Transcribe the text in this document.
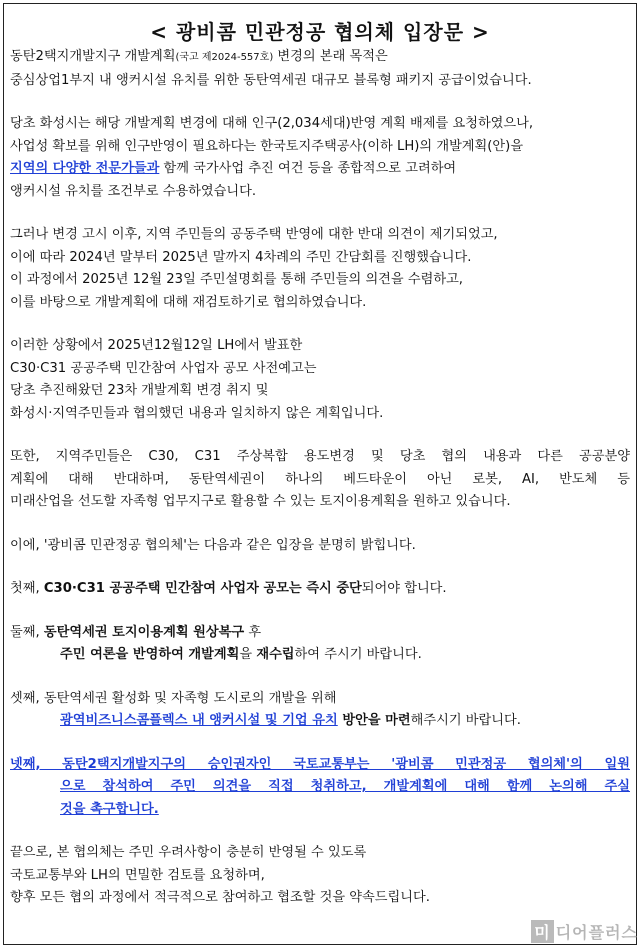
< 광비콤 민관정공 협의체 입장문 >

동탄2택지개발지구 개발계획(국고 제2024-557호) 변경의 본래 목적은
중심상업1부지 내 앵커시설 유치를 위한 동탄역세권 대규모 블록형 패키지 공급이었습니다.

당초 화성시는 해당 개발계획 변경에 대해 인구(2,034세대)반영 계획 배제를 요청하였으나,
사업성 확보를 위해 인구반영이 필요하다는 한국토지주택공사(이하 LH)의 개발계획(안)을
지역의 다양한 전문가들과 함께 국가사업 추진 여건 등을 종합적으로 고려하여
앵커시설 유치를 조건부로 수용하였습니다.

그러나 변경 고시 이후, 지역 주민들의 공동주택 반영에 대한 반대 의견이 제기되었고,
이에 따라 2024년 말부터 2025년 말까지 4차례의 주민 간담회를 진행했습니다.
이 과정에서 2025년 12월 23일 주민설명회를 통해 주민들의 의견을 수렴하고,
이를 바탕으로 개발계획에 대해 재검토하기로 협의하였습니다.

이러한 상황에서 2025년12월12일 LH에서 발표한
C30·C31 공공주택 민간참여 사업자 공모 사전예고는
당초 추진해왔던 23차 개발계획 변경 취지 및
화성시·지역주민들과 협의했던 내용과 일치하지 않은 계획입니다.

또한, 지역주민들은 C30, C31 주상복합 용도변경 및 당초 협의 내용과 다른 공공분양
계획에 대해 반대하며, 동탄역세권이 하나의 베드타운이 아닌 로봇, AI, 반도체 등
미래산업을 선도할 자족형 업무지구로 활용할 수 있는 토지이용계획을 원하고 있습니다.

이에, '광비콤 민관정공 협의체'는 다음과 같은 입장을 분명히 밝힙니다.

첫째, C30·C31 공공주택 민간참여 사업자 공모는 즉시 중단되어야 합니다.

둘째, 동탄역세권 토지이용계획 원상복구 후
주민 여론을 반영하여 개발계획을 재수립하여 주시기 바랍니다.

셋째, 동탄역세권 활성화 및 자족형 도시로의 개발을 위해
광역비즈니스콤플렉스 내 앵커시설 및 기업 유치 방안을 마련해주시기 바랍니다.

넷째, 동탄2택지개발지구의 승인권자인 국토교통부는 '광비콤 민관정공 협의체'의 일원
으로 참석하여 주민 의견을 직접 청취하고, 개발계획에 대해 함께 논의해 주실
것을 촉구합니다.

끝으로, 본 협의체는 주민 우려사항이 충분히 반영될 수 있도록
국토교통부와 LH의 면밀한 검토를 요청하며,
향후 모든 협의 과정에서 적극적으로 참여하고 협조할 것을 약속드립니다.

미 디어플러스
